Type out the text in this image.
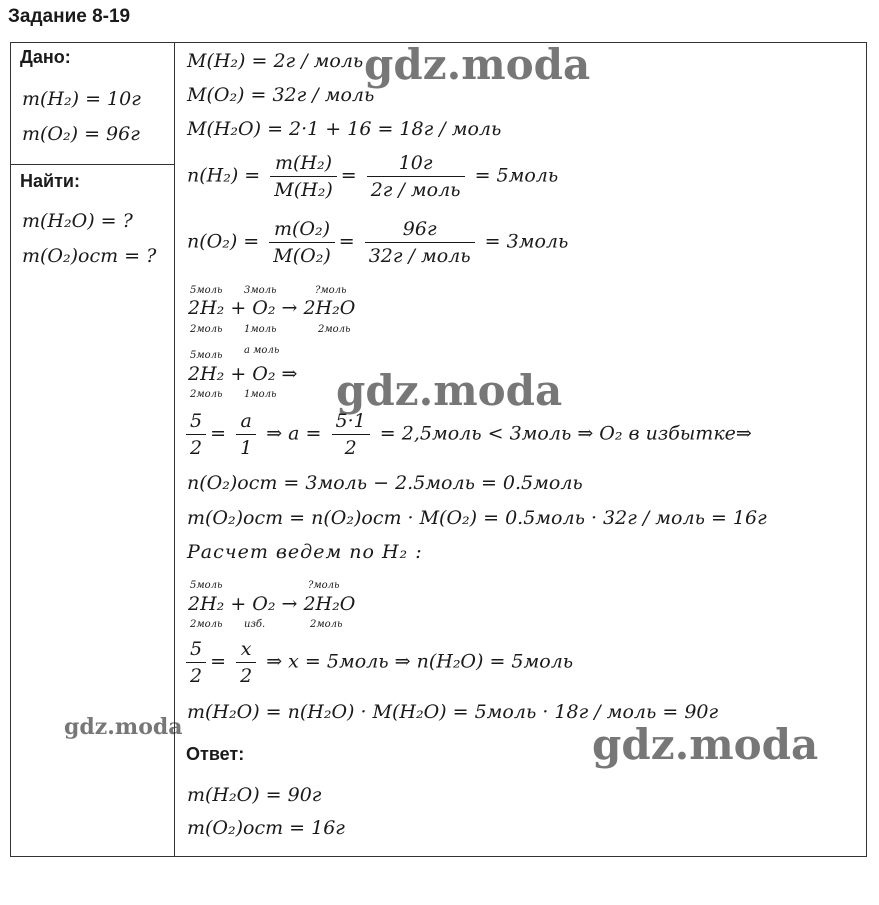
Задание 8-19
Дано:
m(H₂) = 10г
m(O₂) = 96г
Найти:
m(H₂O) = ?
m(O₂)ост = ?
M(H₂) = 2г / моль
M(O₂) = 32г / моль
M(H₂O) = 2·1 + 16 = 18г / моль
$n(H_2) = \frac{\text{m(H₂)}}{\text{M(H₂)}} = \frac{10г}{\text{2г / моль}}$ = 5моль
$n(O_2) = \frac{\text{m(O₂)}}{\text{M(O₂)}} = \frac{96г}{\text{32г / моль}}$ = 3моль
5моль 3моль	?моль
2H₂ + O₂ → 2H₂O
2моль 1моль	2моль
5моль a моль
2H₂ + O₂ ⇒
2моль 1моль
$\frac{5}{2} = \frac{a}{1}$ ⇒ $a = \frac{5\cdot 1}{2}$ = 2,5моль < 3моль ⇒ O₂ в избытке⇒
n(O₂)ост = 3моль − 2.5моль = 0.5моль
m(O₂)ост = n(O₂)ост · M(O₂) = 0.5моль · 32г / моль = 16г
Расчет ведем по H₂ :
5моль	?моль
2H₂ + O₂ → 2H₂O
2моль изб.	2моль
$\frac{5}{2} = \frac{x}{2}$ ⇒ x = 5моль ⇒ n(H₂O) = 5моль
m(H₂O) = n(H₂O) · M(H₂O) = 5моль · 18г / моль = 90г
Ответ:
m(H₂O) = 90г
m(O₂)ост = 16г
gdz.moda
gdz.moda
gdz.moda	gdz.moda
